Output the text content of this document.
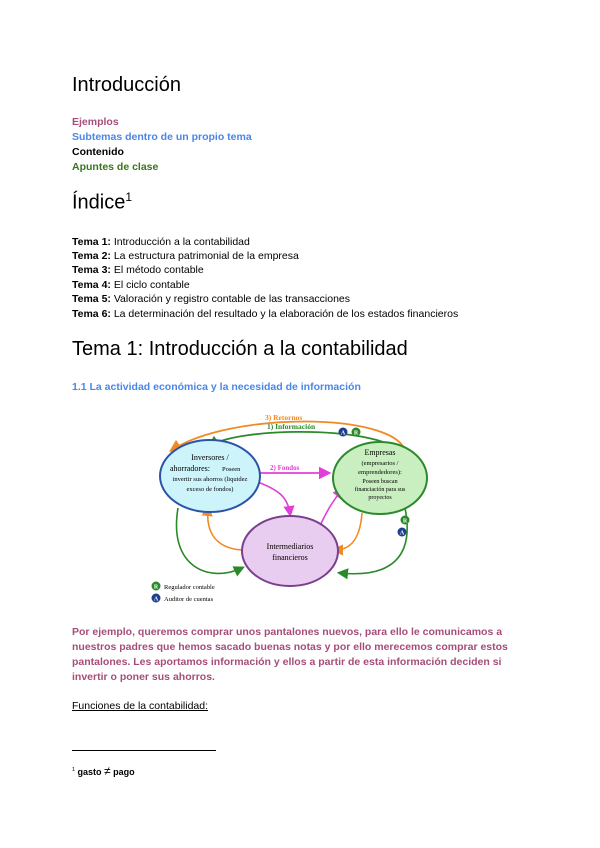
Introducción
Ejemplos
Subtemas dentro de un propio tema
Contenido
Apuntes de clase
Índice$^1$
Tema 1: Introducción a la contabilidad
Tema 2: La estructura patrimonial de la empresa
Tema 3: El método contable
Tema 4: El ciclo contable
Tema 5: Valoración y registro contable de las transacciones
Tema 6: La determinación del resultado y la elaboración de los estados financieros
Tema 1: Introducción a la contabilidad
1.1 La actividad económica y la necesidad de información
3) Retornos
1) Información
A R
2) Fondos
Inversores /
ahorradores: Poseen
invertir sus ahorros (liquidez
exceso de fondos)
Empresas
(empresarios /
emprendedores):
Poseen buscan
financiación para sus
proyectos
Intermediarios
financieros
R
A
R Regulador contable
A Auditor de cuentas
Por ejemplo, queremos comprar unos pantalones nuevos, para ello le comunicamos a nuestros padres que hemos sacado buenas notas y por ello merecemos comprar estos pantalones. Les aportamos información y ellos a partir de esta información deciden si invertir o poner sus ahorros.
Funciones de la contabilidad:
$^1$ gasto ≠ pago
